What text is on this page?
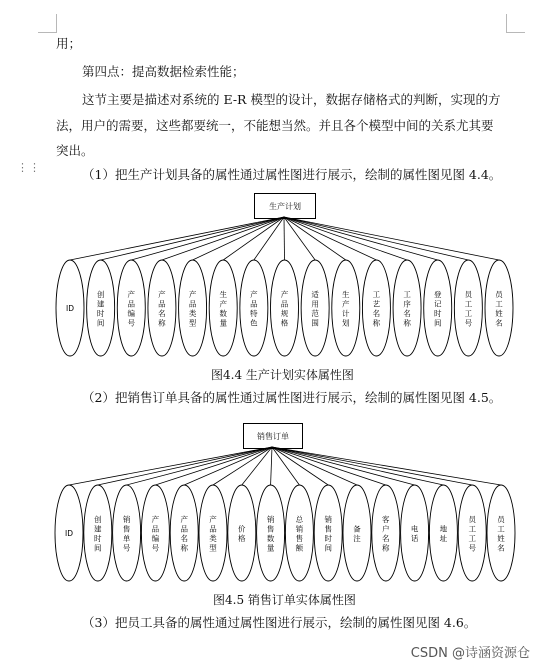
用；
第四点：提高数据检索性能；
这节主要是描述对系统的 E-R 模型的设计，数据存储格式的判断，实现的方
法，用户的需要，这些都要统一，不能想当然。并且各个模型中间的关系尤其要
突出。
⋮⋮	（1）把生产计划具备的属性通过属性图进行展示，绘制的属性图见图 4.4。
生产计划
ID
创建时间
产品编号
产品名称
产品类型
生产数量
产品特色
产品规格
适用范围
生产计划
工艺名称
工序名称
登记时间
员工工号
员工姓名
图4.4 生产计划实体属性图
（2）把销售订单具备的属性通过属性图进行展示，绘制的属性图见图 4.5。
销售订单
ID
创建时间
销售单号
产品编号
产品名称
产品类型
价格
销售数量
总销售额
销售时间
备注
客户名称
电话
地址
员工工号
员工姓名
图4.5 销售订单实体属性图
（3）把员工具备的属性通过属性图进行展示，绘制的属性图见图 4.6。
CSDN @诗涵资源仓
